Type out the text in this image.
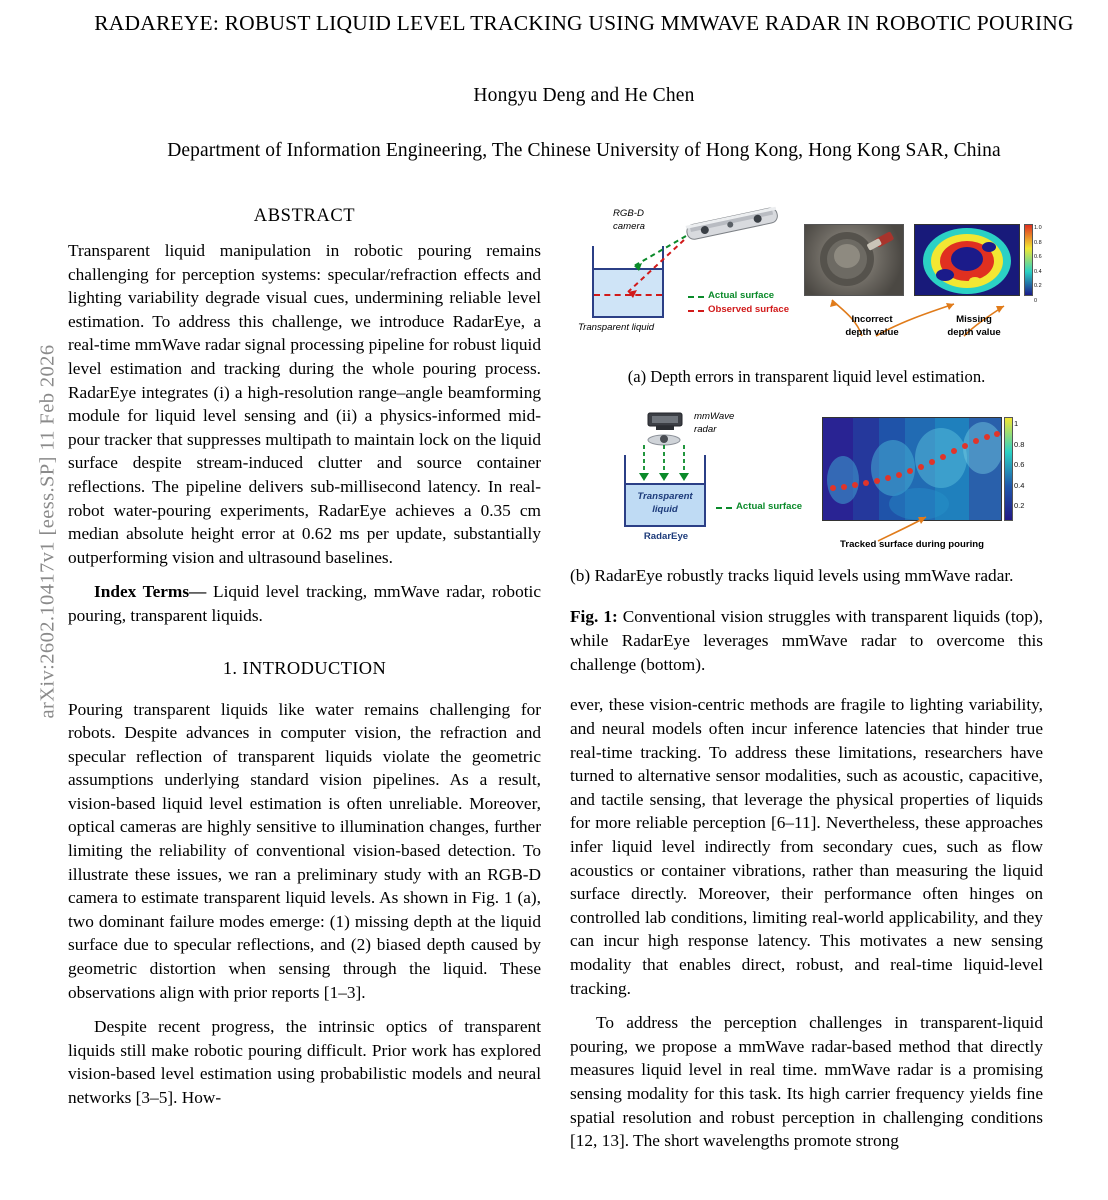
arXiv:2602.10417v1 [eess.SP] 11 Feb 2026
RADAREYE: ROBUST LIQUID LEVEL TRACKING USING MMWAVE RADAR IN ROBOTIC POURING
Hongyu Deng and He Chen
Department of Information Engineering, The Chinese University of Hong Kong, Hong Kong SAR, China
ABSTRACT

Transparent liquid manipulation in robotic pouring remains challenging for perception systems: specular/refraction effects and lighting variability degrade visual cues, undermining reliable level estimation. To address this challenge, we introduce RadarEye, a real-time mmWave radar signal processing pipeline for robust liquid level estimation and tracking during the whole pouring process. RadarEye integrates (i) a high-resolution range–angle beamforming module for liquid level sensing and (ii) a physics-informed mid-pour tracker that suppresses multipath to maintain lock on the liquid surface despite stream-induced clutter and source container reflections. The pipeline delivers sub-millisecond latency. In real-robot water-pouring experiments, RadarEye achieves a 0.35 cm median absolute height error at 0.62 ms per update, substantially outperforming vision and ultrasound baselines.

Index Terms— Liquid level tracking, mmWave radar, robotic pouring, transparent liquids.

1. INTRODUCTION

Pouring transparent liquids like water remains challenging for robots. Despite advances in computer vision, the refraction and specular reflection of transparent liquids violate the geometric assumptions underlying standard vision pipelines. As a result, vision-based liquid level estimation is often unreliable. Moreover, optical cameras are highly sensitive to illumination changes, further limiting the reliability of conventional vision-based detection. To illustrate these issues, we ran a preliminary study with an RGB-D camera to estimate transparent liquid levels. As shown in Fig. 1 (a), two dominant failure modes emerge: (1) missing depth at the liquid surface due to specular reflections, and (2) biased depth caused by geometric distortion when sensing through the liquid. These observations align with prior reports [1–3].

Despite recent progress, the intrinsic optics of transparent liquids still make robotic pouring difficult. Prior work has explored vision-based level estimation using probabilistic models and neural networks [3–5]. How-

RGB-D
camera
Transparent liquid
Actual surface
Observed surface
1.0
0.8
0.6
0.4
0.2
0
Incorrect
depth value
Missing
depth value
(a) Depth errors in transparent liquid level estimation.
mmWave
radar
Transparent
liquid	Actual surface
RadarEye
1
0.8
0.6
0.4
0.2
Tracked surface during pouring
(b) RadarEye robustly tracks liquid levels using mmWave radar.

Fig. 1: Conventional vision struggles with transparent liquids (top), while RadarEye leverages mmWave radar to overcome this challenge (bottom).

ever, these vision-centric methods are fragile to lighting variability, and neural models often incur inference latencies that hinder true real-time tracking. To address these limitations, researchers have turned to alternative sensor modalities, such as acoustic, capacitive, and tactile sensing, that leverage the physical properties of liquids for more reliable perception [6–11]. Nevertheless, these approaches infer liquid level indirectly from secondary cues, such as flow acoustics or container vibrations, rather than measuring the liquid surface directly. Moreover, their performance often hinges on controlled lab conditions, limiting real-world applicability, and they can incur high response latency. This motivates a new sensing modality that enables direct, robust, and real-time liquid-level tracking.

To address the perception challenges in transparent-liquid pouring, we propose a mmWave radar-based method that directly measures liquid level in real time. mmWave radar is a promising sensing modality for this task. Its high carrier frequency yields fine spatial resolution and robust perception in challenging conditions [12, 13]. The short wavelengths promote strong
